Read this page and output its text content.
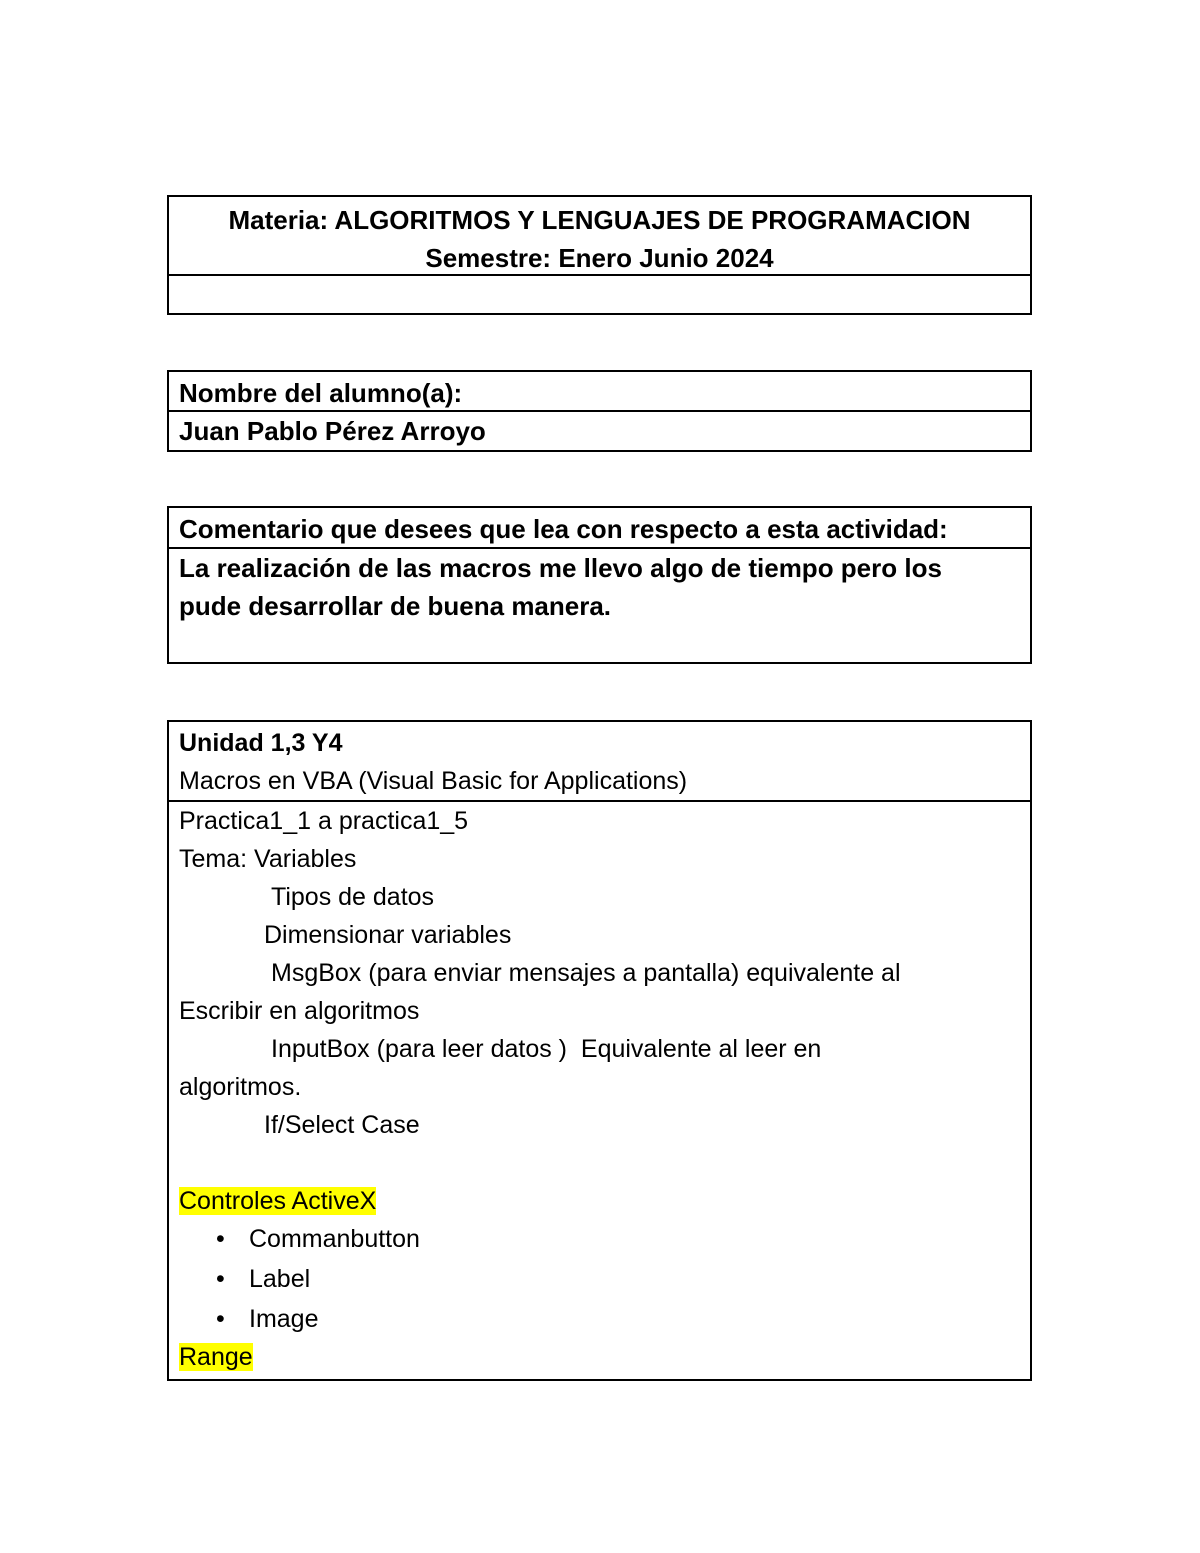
Materia: ALGORITMOS Y LENGUAJES DE PROGRAMACION
Semestre: Enero Junio 2024
Nombre del alumno(a):
Juan Pablo Pérez Arroyo
Comentario que desees que lea con respecto a esta actividad:
La realización de las macros me llevo algo de tiempo pero los
pude desarrollar de buena manera.
Unidad 1,3 Y4
Macros en VBA (Visual Basic for Applications)
Practica1_1 a practica1_5
Tema: Variables
Tipos de datos
Dimensionar variables
MsgBox (para enviar mensajes a pantalla) equivalente al
Escribir en algoritmos
InputBox (para leer datos )  Equivalente al leer en
algoritmos.
If/Select Case
Controles ActiveX
• Commanbutton
• Label
• Image
Range
